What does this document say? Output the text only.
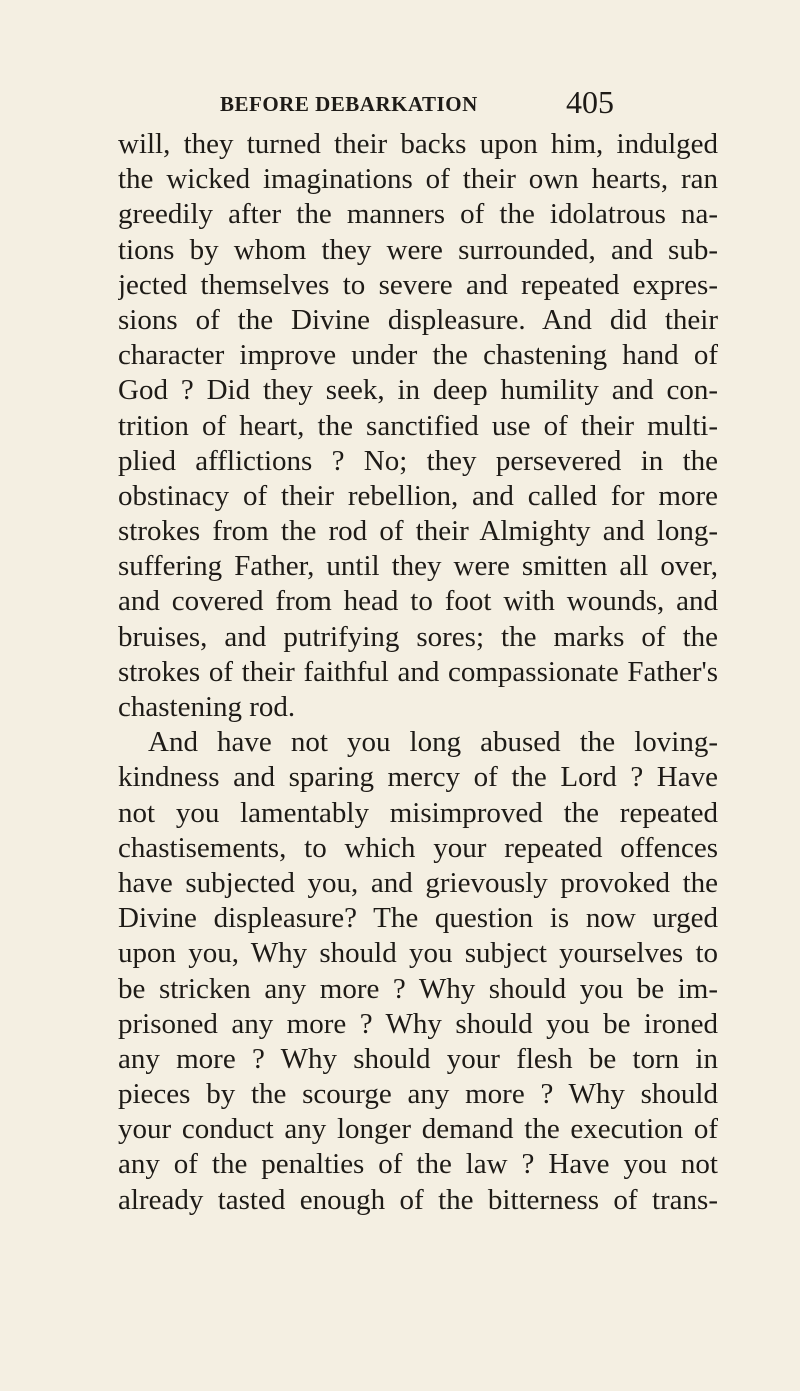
BEFORE DEBARKATION	405
will, they turned their backs upon him, indulged
the wicked imaginations of their own hearts, ran
greedily after the manners of the idolatrous na-
tions by whom they were surrounded, and sub-
jected themselves to severe and repeated expres-
sions of the Divine displeasure. And did their
character improve under the chastening hand of
God ? Did they seek, in deep humility and con-
trition of heart, the sanctified use of their multi-
plied afflictions ? No; they persevered in the
obstinacy of their rebellion, and called for more
strokes from the rod of their Almighty and long-
suffering Father, until they were smitten all over,
and covered from head to foot with wounds, and
bruises, and putrifying sores; the marks of the
strokes of their faithful and compassionate Father's
chastening rod.
And have not you long abused the loving-
kindness and sparing mercy of the Lord ? Have
not you lamentably misimproved the repeated
chastisements, to which your repeated offences
have subjected you, and grievously provoked the
Divine displeasure? The question is now urged
upon you, Why should you subject yourselves to
be stricken any more ? Why should you be im-
prisoned any more ? Why should you be ironed
any more ? Why should your flesh be torn in
pieces by the scourge any more ? Why should
your conduct any longer demand the execution of
any of the penalties of the law ? Have you not
already tasted enough of the bitterness of trans-
